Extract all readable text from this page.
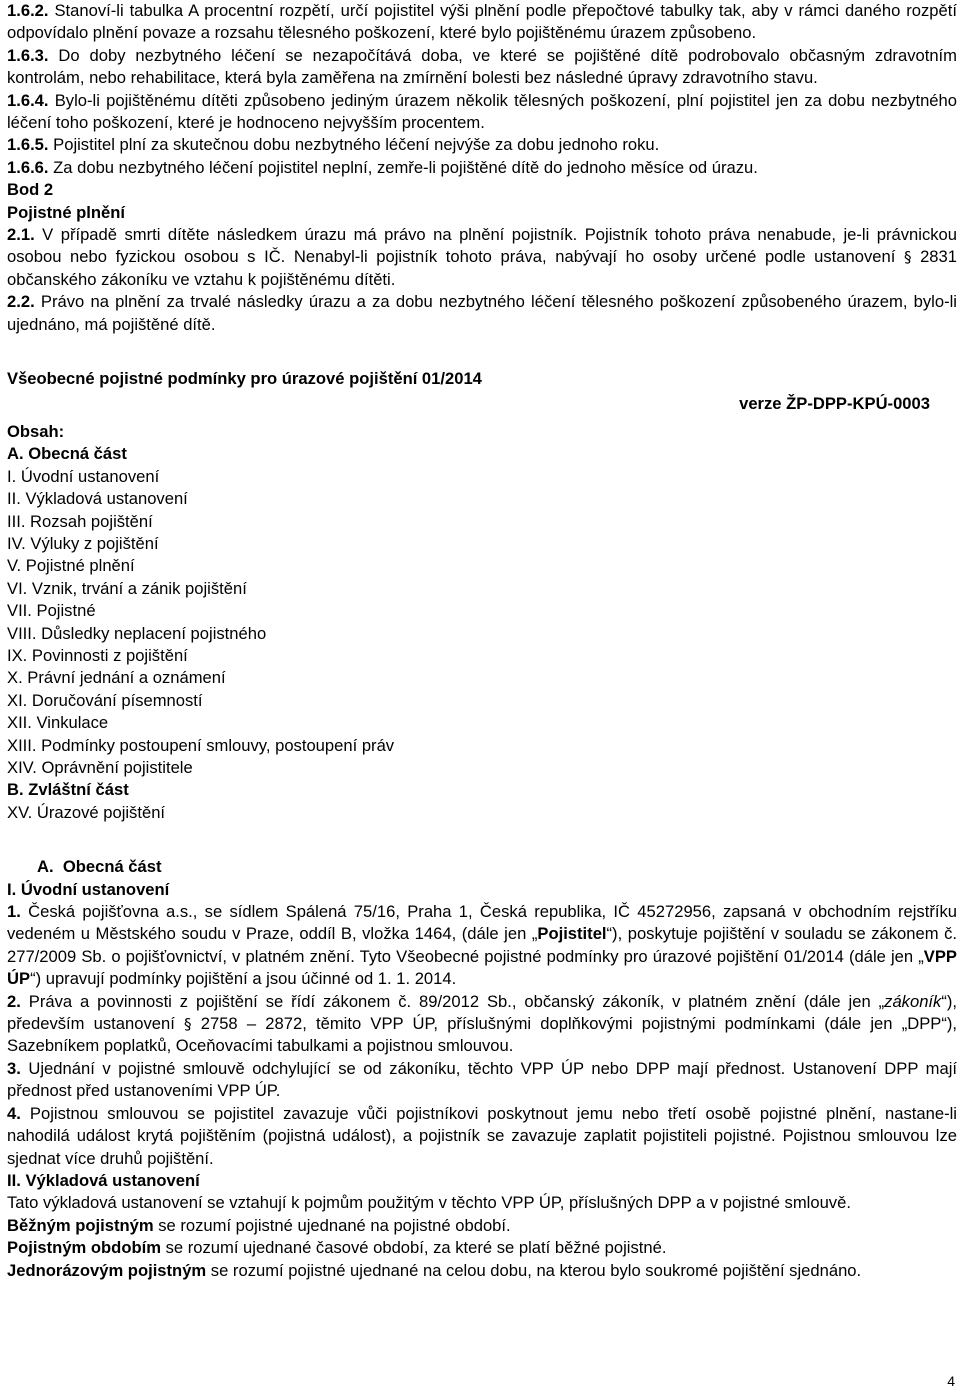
1.6.2. Stanoví-li tabulka A procentní rozpětí, určí pojistitel výši plnění podle přepočtové tabulky tak, aby v rámci daného rozpětí odpovídalo plnění povaze a rozsahu tělesného poškození, které bylo pojištěnému úrazem způsobeno.

1.6.3. Do doby nezbytného léčení se nezapočítává doba, ve které se pojištěné dítě podrobovalo občasným zdravotním kontrolám, nebo rehabilitace, která byla zaměřena na zmírnění bolesti bez následné úpravy zdravotního stavu.

1.6.4. Bylo-li pojištěnému dítěti způsobeno jediným úrazem několik tělesných poškození, plní pojistitel jen za dobu nezbytného léčení toho poškození, které je hodnoceno nejvyšším procentem.

1.6.5. Pojistitel plní za skutečnou dobu nezbytného léčení nejvýše za dobu jednoho roku.

1.6.6. Za dobu nezbytného léčení pojistitel neplní, zemře-li pojištěné dítě do jednoho měsíce od úrazu.

Bod 2

Pojistné plnění

2.1. V případě smrti dítěte následkem úrazu má právo na plnění pojistník. Pojistník tohoto práva nenabude, je-li právnickou osobou nebo fyzickou osobou s IČ. Nenabyl-li pojistník tohoto práva, nabývají ho osoby určené podle ustanovení § 2831 občanského zákoníku ve vztahu k pojištěnému dítěti.

2.2. Právo na plnění za trvalé následky úrazu a za dobu nezbytného léčení tělesného poškození způsobeného úrazem, bylo-li ujednáno, má pojištěné dítě.

Všeobecné pojistné podmínky pro úrazové pojištění 01/2014

verze ŽP-DPP-KPÚ-0003

Obsah:

A. Obecná část

I. Úvodní ustanovení

II. Výkladová ustanovení

III. Rozsah pojištění

IV. Výluky z pojištění

V. Pojistné plnění

VI. Vznik, trvání a zánik pojištění

VII. Pojistné

VIII. Důsledky neplacení pojistného

IX. Povinnosti z pojištění

X. Právní jednání a oznámení

XI. Doručování písemností

XII. Vinkulace

XIII. Podmínky postoupení smlouvy, postoupení práv

XIV. Oprávnění pojistitele

B. Zvláštní část

XV. Úrazové pojištění

A.  Obecná část

I. Úvodní ustanovení

1. Česká pojišťovna a.s., se sídlem Spálená 75/16, Praha 1, Česká republika, IČ 45272956, zapsaná v obchodním rejstříku vedeném u Městského soudu v Praze, oddíl B, vložka 1464, (dále jen „Pojistitel“), poskytuje pojištění v souladu se zákonem č. 277/2009 Sb. o pojišťovnictví, v platném znění. Tyto Všeobecné pojistné podmínky pro úrazové pojištění 01/2014 (dále jen „VPP ÚP“) upravují podmínky pojištění a jsou účinné od 1. 1. 2014.

2. Práva a povinnosti z pojištění se řídí zákonem č. 89/2012 Sb., občanský zákoník, v platném znění (dále jen „zákoník“), především ustanovení § 2758 – 2872, těmito VPP ÚP, příslušnými doplňkovými pojistnými podmínkami (dále jen „DPP“), Sazebníkem poplatků, Oceňovacími tabulkami a pojistnou smlouvou.

3. Ujednání v pojistné smlouvě odchylující se od zákoníku, těchto VPP ÚP nebo DPP mají přednost. Ustanovení DPP mají přednost před ustanoveními VPP ÚP.

4. Pojistnou smlouvou se pojistitel zavazuje vůči pojistníkovi poskytnout jemu nebo třetí osobě pojistné plnění, nastane-li nahodilá událost krytá pojištěním (pojistná událost), a pojistník se zavazuje zaplatit pojistiteli pojistné. Pojistnou smlouvou lze sjednat více druhů pojištění.

II. Výkladová ustanovení

Tato výkladová ustanovení se vztahují k pojmům použitým v těchto VPP ÚP, příslušných DPP a v pojistné smlouvě.

Běžným pojistným se rozumí pojistné ujednané na pojistné období.

Pojistným obdobím se rozumí ujednané časové období, za které se platí běžné pojistné.

Jednorázovým pojistným se rozumí pojistné ujednané na celou dobu, na kterou bylo soukromé pojištění sjednáno.

4
